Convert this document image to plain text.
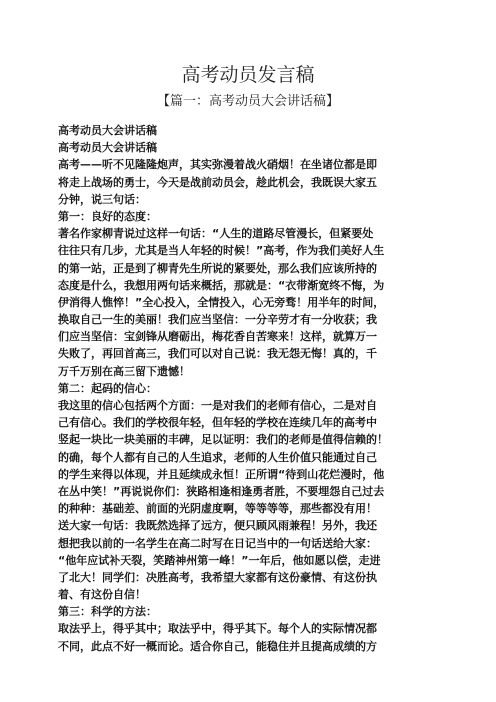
高考动员发言稿
【篇一：高考动员大会讲话稿】
高考动员大会讲话稿
高考动员大会讲话稿
高考——听不见隆隆炮声，其实弥漫着战火硝烟！在坐诸位都是即
将走上战场的勇士，今天是战前动员会，趁此机会，我既误大家五
分钟，说三句话：
第一：良好的态度：
著名作家柳青说过这样一句话：“人生的道路尽管漫长，但紧要处
往往只有几步，尤其是当人年轻的时候！”高考，作为我们美好人生
的第一站，正是到了柳青先生所说的紧要处，那么我们应该所持的
态度是什么，我想用两句话来概括，那就是：“衣带渐宽终不悔，为
伊消得人憔悴！”全心投入，全情投入，心无旁骛！用半年的时间，
换取自己一生的美丽！我们应当坚信：一分辛劳才有一分收获；我
们应当坚信：宝剑锋从磨砺出，梅花香自苦寒来！这样，就算万一
失败了，再回首高三，我们可以对自己说：我无怨无悔！真的，千
万千万别在高三留下遗憾！
第二：起码的信心：
我这里的信心包括两个方面：一是对我们的老师有信心，二是对自
己有信心。我们的学校很年轻，但年轻的学校在连续几年的高考中
竖起一块比一块美丽的丰碑，足以证明：我们的老师是值得信赖的！
的确，每个人都有自己的人生追求，老师的人生价值只能通过自己
的学生来得以体现，并且延续成永恒！正所谓“待到山花烂漫时，他
在丛中笑！”再说说你们：狭路相逢相逢勇者胜，不要埋怨自己过去
的种种：基础差、前面的光阴虚度啊，等等等等，那些都没有用！
送大家一句话：我既然选择了远方，便只顾风雨兼程！另外，我还
想把我以前的一名学生在高二时写在日记当中的一句话送给大家：
“他年应试补天裂，笑踏神州第一峰！”一年后，他如愿以偿，走进
了北大！同学们：决胜高考，我希望大家都有这份豪情、有这份执
着、有这份自信！
第三：科学的方法：
取法乎上，得乎其中；取法乎中，得乎其下。每个人的实际情况都
不同，此点不好一概而论。适合你自己，能稳住并且提高成绩的方
